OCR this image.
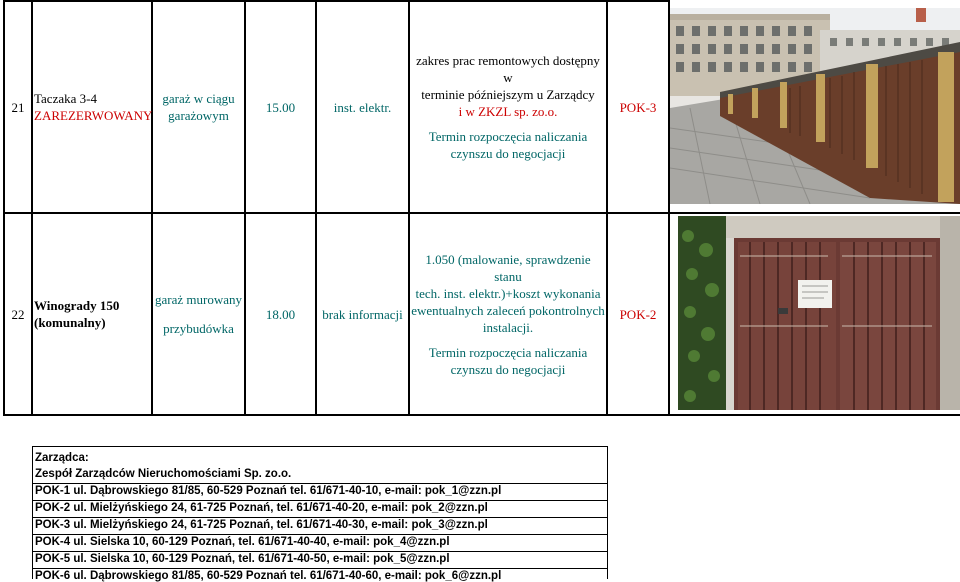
21
Taczaka 3-4
ZAREZERWOWANY
garaż w ciągu
garażowym
15.00	inst. elektr.
zakres prac remontowych dostępny w
terminie późniejszym u Zarządcy
i w ZKZL sp. zo.o.
Termin rozpoczęcia naliczania
czynszu do negocjacji
POK-3
22
Winogrady 150
(komunalny)
garaż murowany
przybudówka
18.00 brak informacji
1.050 (malowanie, sprawdzenie stanu
tech. inst. elektr.)+koszt wykonania
ewentualnych zaleceń pokontrolnych
instalacji.
Termin rozpoczęcia naliczania
czynszu do negocjacji
POK-2
Zarządca:
Zespół Zarządców Nieruchomościami Sp. zo.o.
POK-1 ul. Dąbrowskiego 81/85, 60-529 Poznań tel. 61/671-40-10, e-mail: pok_1@zzn.pl
POK-2 ul. Mielżyńskiego 24, 61-725 Poznań, tel. 61/671-40-20, e-mail: pok_2@zzn.pl
POK-3 ul. Mielżyńskiego 24, 61-725 Poznań, tel. 61/671-40-30, e-mail: pok_3@zzn.pl
POK-4 ul. Sielska 10, 60-129 Poznań, tel. 61/671-40-40, e-mail: pok_4@zzn.pl
POK-5 ul. Sielska 10, 60-129 Poznań, tel. 61/671-40-50, e-mail: pok_5@zzn.pl
POK-6 ul. Dąbrowskiego 81/85, 60-529 Poznań tel. 61/671-40-60, e-mail: pok_6@zzn.pl
